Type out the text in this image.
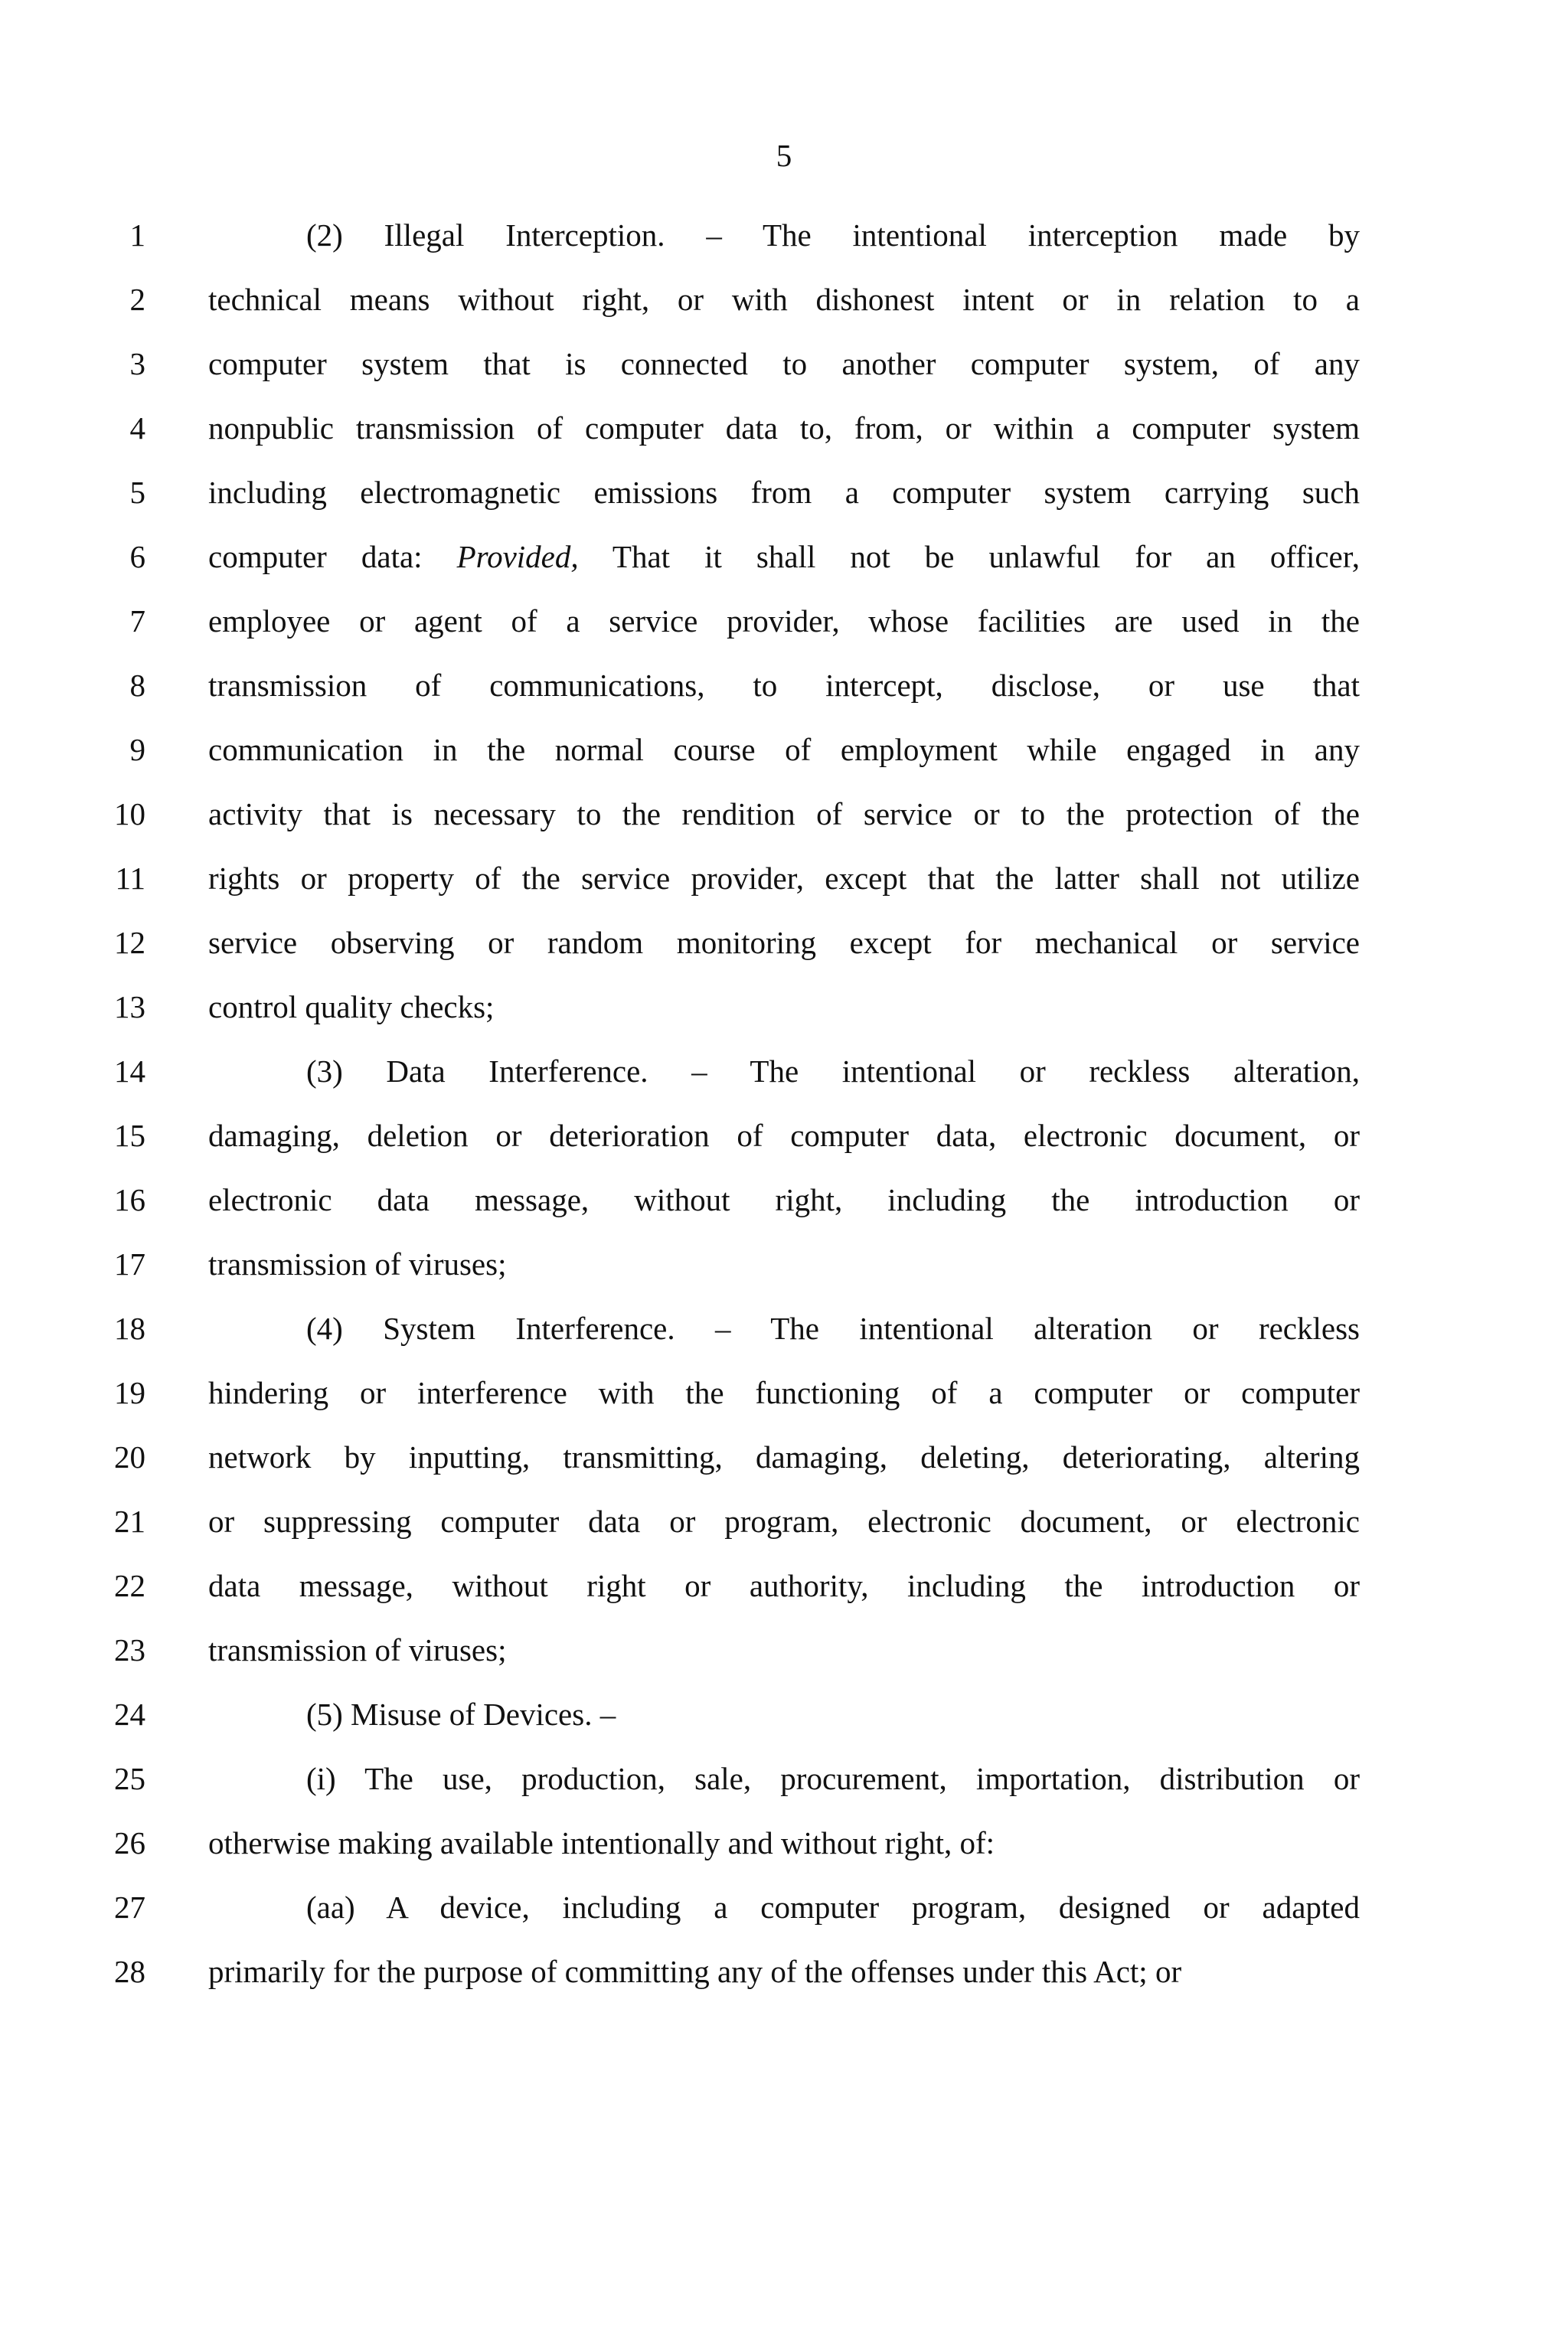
5
1	(2) Illegal Interception. – The intentional interception made by
2 technical means without right, or with dishonest intent or in relation to a
3 computer system that is connected to another computer system, of any
4 nonpublic transmission of computer data to, from, or within a computer system
5 including electromagnetic emissions from a computer system carrying such
6 computer data: Provided, That it shall not be unlawful for an officer,
7 employee or agent of a service provider, whose facilities are used in the
8 transmission of communications, to intercept, disclose, or use that
9 communication in the normal course of employment while engaged in any
10 activity that is necessary to the rendition of service or to the protection of the
11 rights or property of the service provider, except that the latter shall not utilize
12 service observing or random monitoring except for mechanical or service
13 control quality checks;
14	(3) Data Interference. – The intentional or reckless alteration,
15 damaging, deletion or deterioration of computer data, electronic document, or
16 electronic data message, without right, including the introduction or
17 transmission of viruses;
18	(4) System Interference. – The intentional alteration or reckless
19 hindering or interference with the functioning of a computer or computer
20 network by inputting, transmitting, damaging, deleting, deteriorating, altering
21 or suppressing computer data or program, electronic document, or electronic
22 data message, without right or authority, including the introduction or
23 transmission of viruses;
24	(5) Misuse of Devices. –
25	(i) The use, production, sale, procurement, importation, distribution or
26 otherwise making available intentionally and without right, of:
27	(aa) A device, including a computer program, designed or adapted
28 primarily for the purpose of committing any of the offenses under this Act; or
